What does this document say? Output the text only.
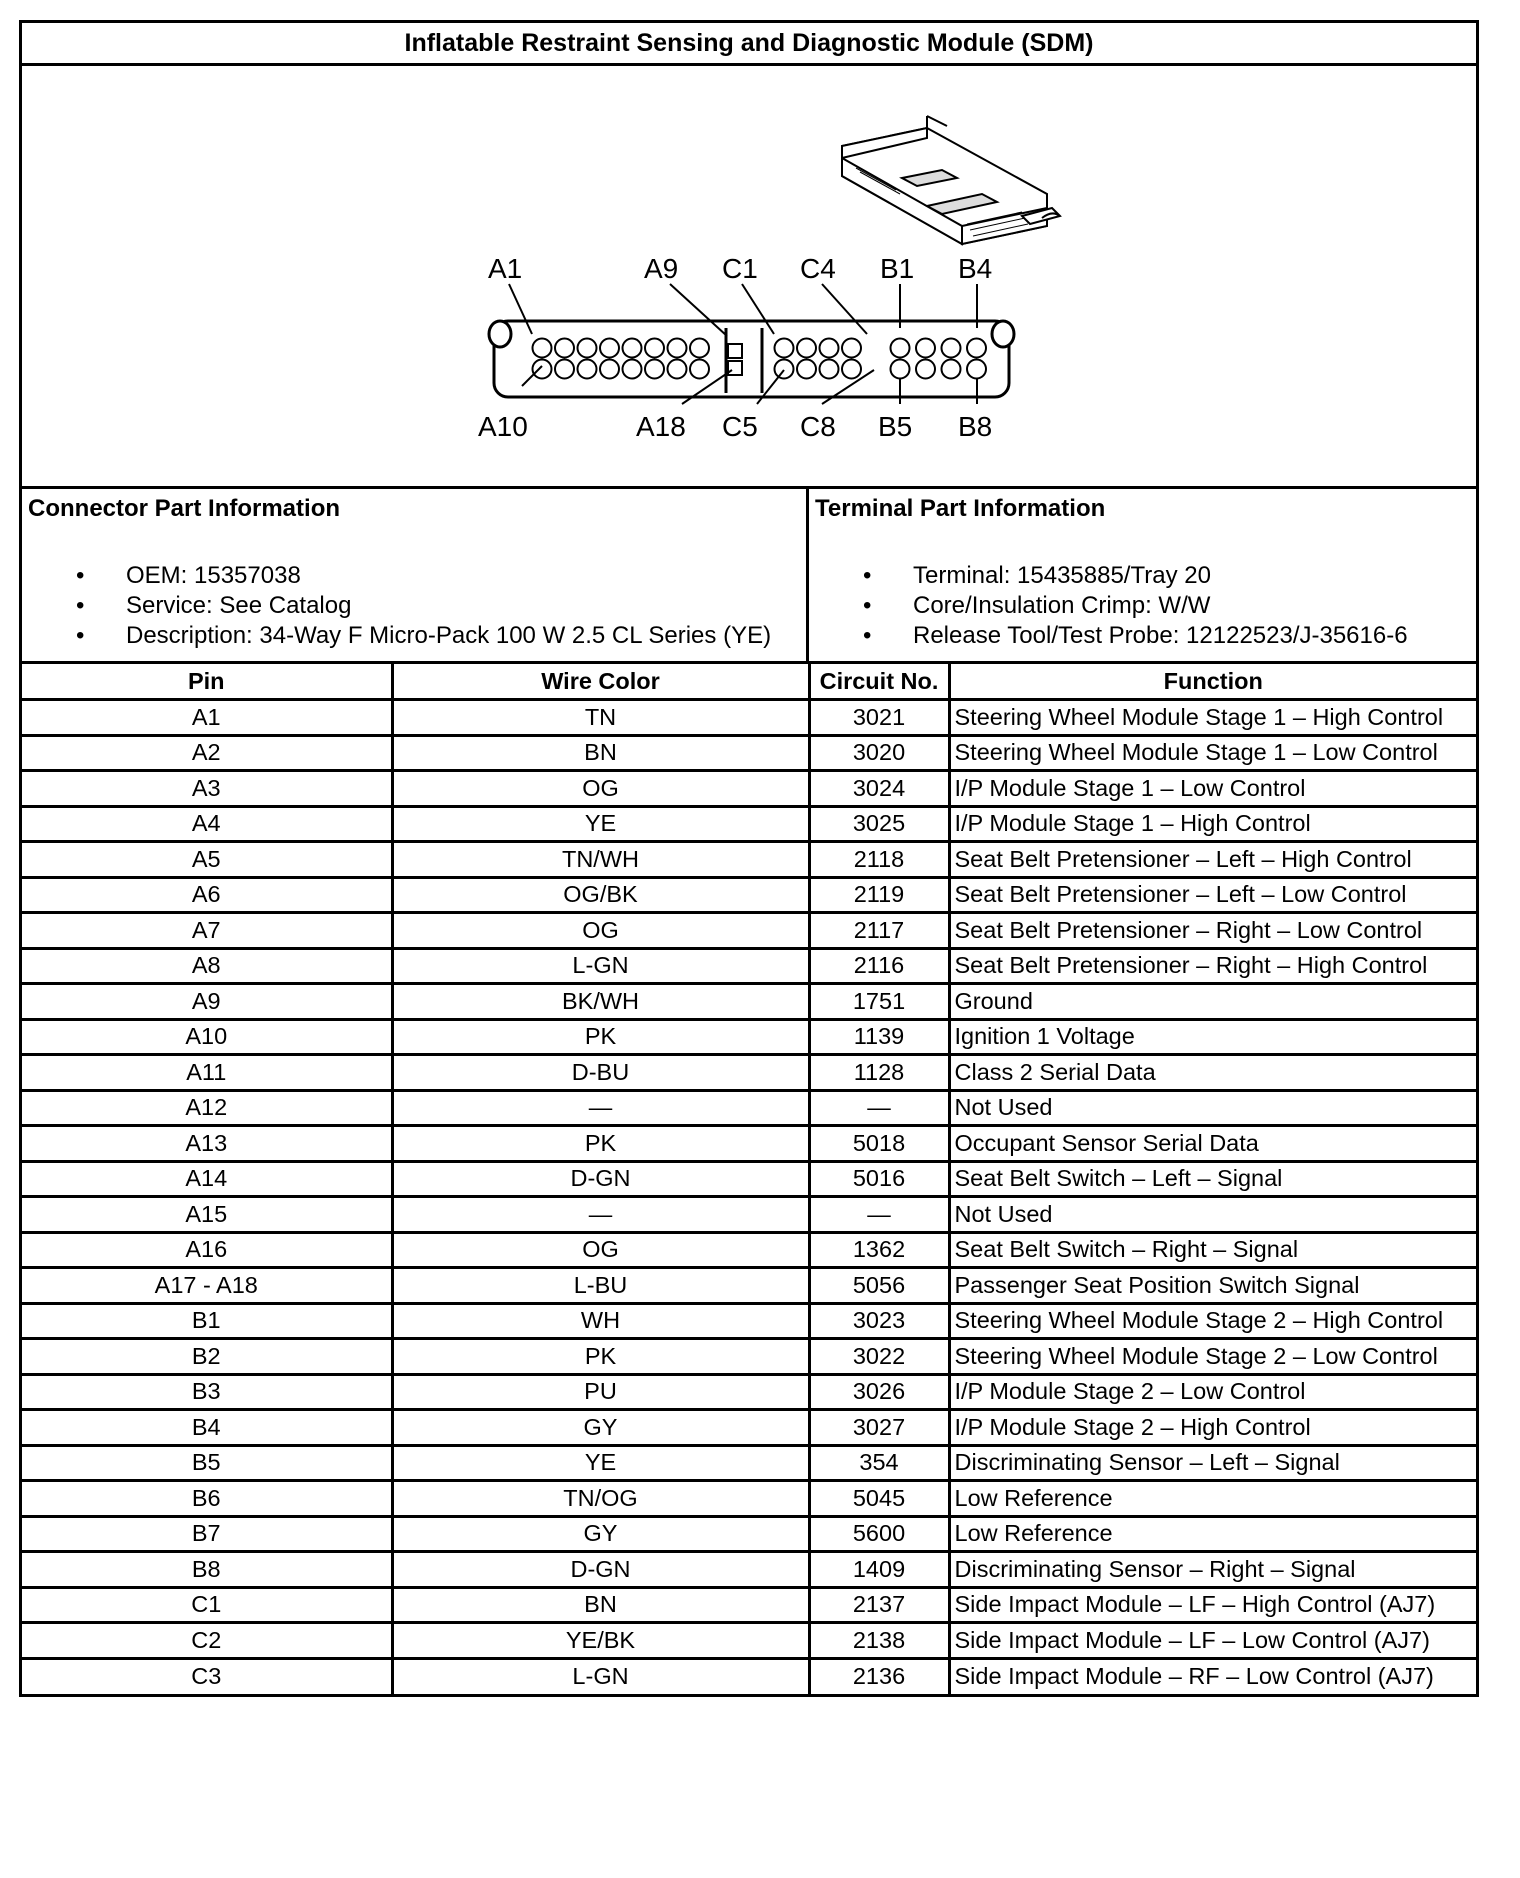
Inflatable Restraint Sensing and Diagnostic Module (SDM)
A1	A9 C1 C4 B1 B4
A10	A18 C5 C8 B5 B8
Connector Part Information
• OEM: 15357038
• Service: See Catalog
• Description: 34-Way F Micro-Pack 100 W 2.5 CL Series (YE)
Terminal Part Information
• Terminal: 15435885/Tray 20
• Core/Insulation Crimp: W/W
• Release Tool/Test Probe: 12122523/J-35616-6
Pin	Wire Color	Circuit No.	Function
A1	TN	3021	Steering Wheel Module Stage 1 – High Control
A2	BN	3020	Steering Wheel Module Stage 1 – Low Control
A3	OG	3024	I/P Module Stage 1 – Low Control
A4	YE	3025	I/P Module Stage 1 – High Control
A5	TN/WH	2118	Seat Belt Pretensioner – Left – High Control
A6	OG/BK	2119	Seat Belt Pretensioner – Left – Low Control
A7	OG	2117	Seat Belt Pretensioner – Right – Low Control
A8	L-GN	2116	Seat Belt Pretensioner – Right – High Control
A9	BK/WH	1751	Ground
A10	PK	1139	Ignition 1 Voltage
A11	D-BU	1128	Class 2 Serial Data
A12	—	—	Not Used
A13	PK	5018	Occupant Sensor Serial Data
A14	D-GN	5016	Seat Belt Switch – Left – Signal
A15	—	—	Not Used
A16	OG	1362	Seat Belt Switch – Right – Signal
A17 - A18	L-BU	5056	Passenger Seat Position Switch Signal
B1	WH	3023	Steering Wheel Module Stage 2 – High Control
B2	PK	3022	Steering Wheel Module Stage 2 – Low Control
B3	PU	3026	I/P Module Stage 2 – Low Control
B4	GY	3027	I/P Module Stage 2 – High Control
B5	YE	354	Discriminating Sensor – Left – Signal
B6	TN/OG	5045	Low Reference
B7	GY	5600	Low Reference
B8	D-GN	1409	Discriminating Sensor – Right – Signal
C1	BN	2137	Side Impact Module – LF – High Control (AJ7)
C2	YE/BK	2138	Side Impact Module – LF – Low Control (AJ7)
C3	L-GN	2136	Side Impact Module – RF – Low Control (AJ7)
